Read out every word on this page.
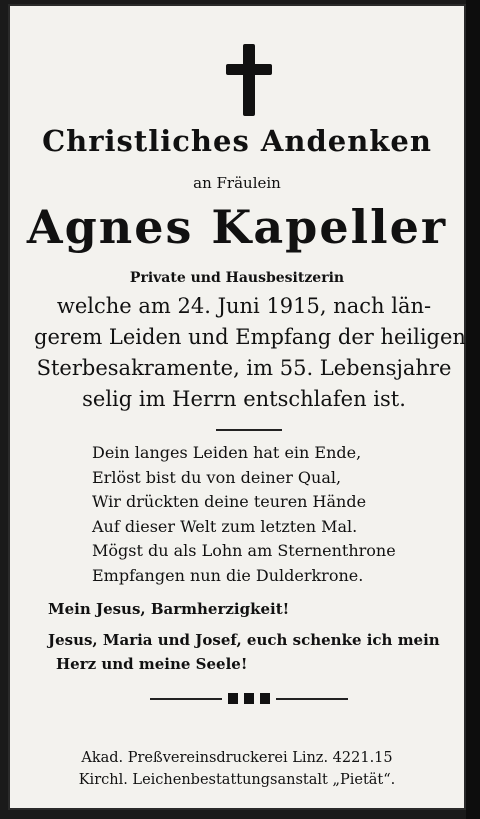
Christliches Andenken
an Fräulein
Agnes Kapeller
Private und Hausbesitzerin
welche am 24. Juni 1915, nach län-
gerem Leiden und Empfang der heiligen
Sterbesakramente, im 55. Lebensjahre
selig im Herrn entschlafen ist.
Dein langes Leiden hat ein Ende,
Erlöst bist du von deiner Qual,
Wir drückten deine teuren Hände
Auf dieser Welt zum letzten Mal.
Mögst du als Lohn am Sternenthrone
Empfangen nun die Dulderkrone.
Mein Jesus, Barmherzigkeit!
Jesus, Maria und Josef, euch schenke ich mein
Herz und meine Seele!
Akad. Preßvereinsdruckerei Linz. 4221.15
Kirchl. Leichenbestattungsanstalt „Pietät“.
